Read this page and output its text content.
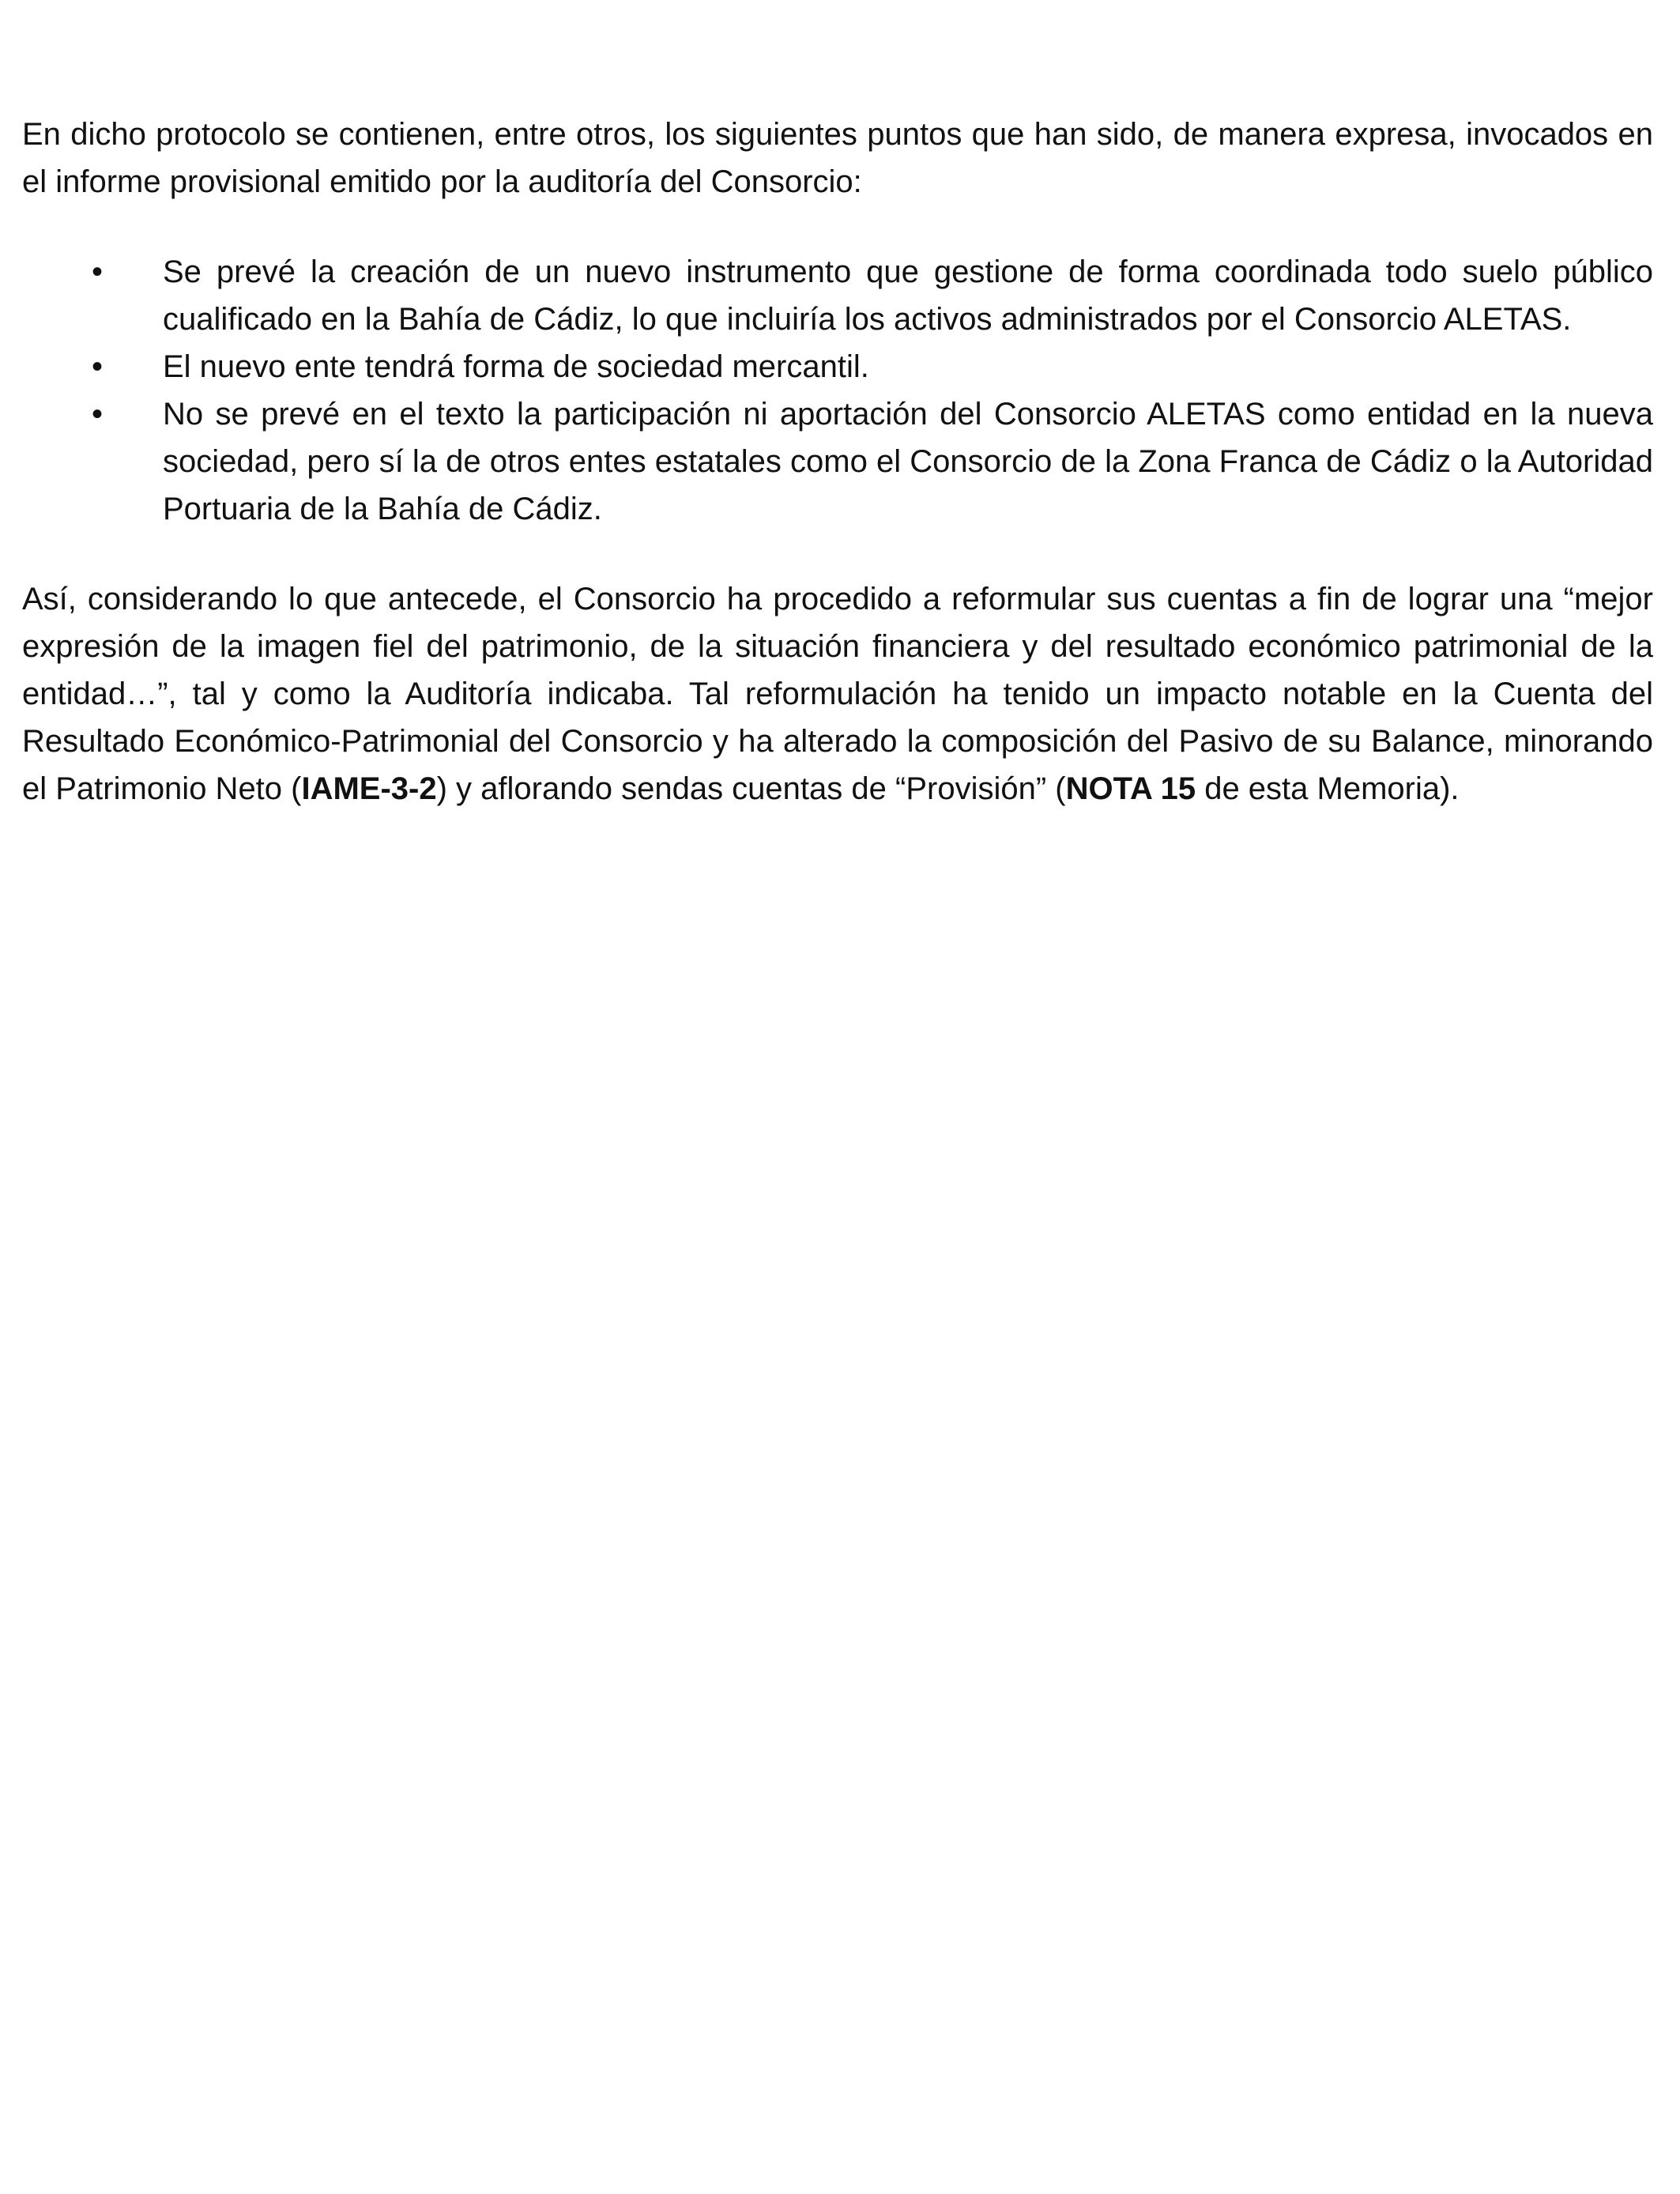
En dicho protocolo se contienen, entre otros, los siguientes puntos que han sido, de manera expresa, invocados en el informe provisional emitido por la auditoría del Consorcio:

•	Se prevé la creación de un nuevo instrumento que gestione de forma coordinada todo suelo público cualificado en la Bahía de Cádiz, lo que incluiría los activos administrados por el Consorcio ALETAS.
•	El nuevo ente tendrá forma de sociedad mercantil.
•	No se prevé en el texto la participación ni aportación del Consorcio ALETAS como entidad en la nueva sociedad, pero sí la de otros entes estatales como el Consorcio de la Zona Franca de Cádiz o la Autoridad Portuaria de la Bahía de Cádiz.

Así, considerando lo que antecede, el Consorcio ha procedido a reformular sus cuentas a fin de lograr una “mejor expresión de la imagen fiel del patrimonio, de la situación financiera y del resultado económico patrimonial de la entidad…”, tal y como la Auditoría indicaba. Tal reformulación ha tenido un impacto notable en la Cuenta del Resultado Económico-Patrimonial del Consorcio y ha alterado la composición del Pasivo de su Balance, minorando el Patrimonio Neto (IAME-3-2) y aflorando sendas cuentas de “Provisión” (NOTA 15 de esta Memoria).
